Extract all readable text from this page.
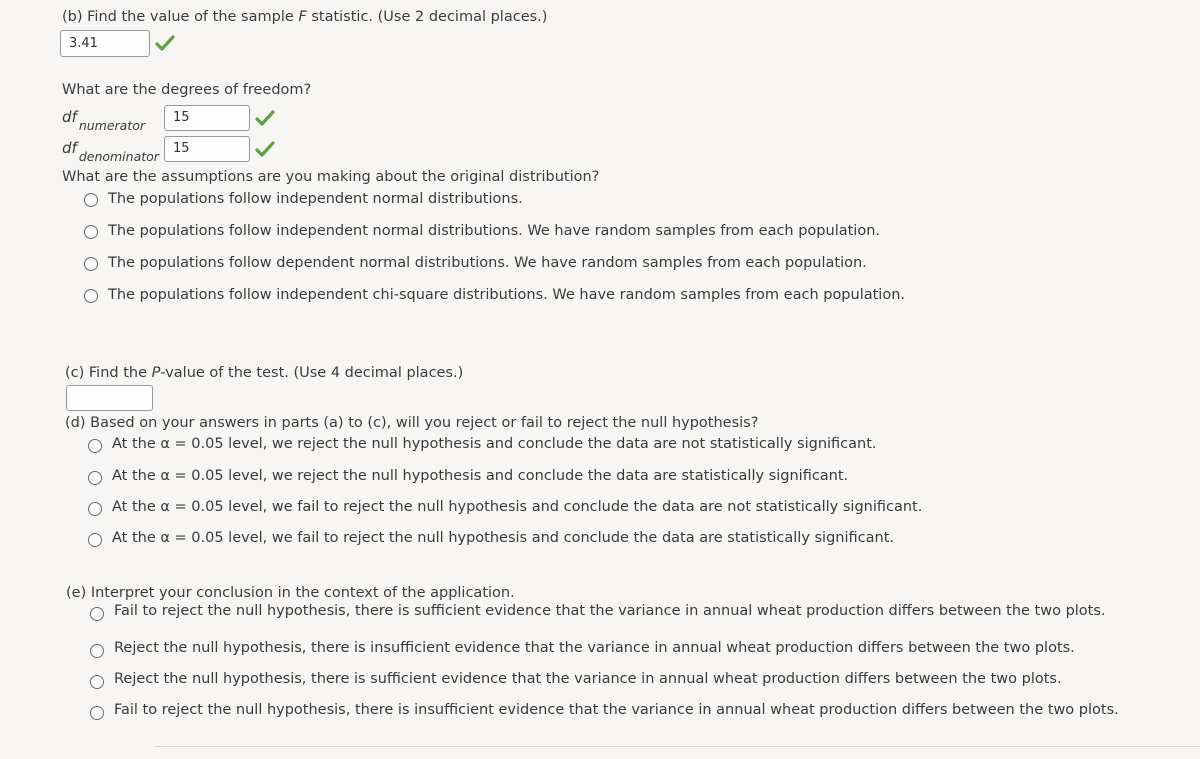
(b) Find the value of the sample F statistic. (Use 2 decimal places.)
3.41
What are the degrees of freedom?
df $_{numerator}$
15
df $_{denominator}$
15
What are the assumptions are you making about the original distribution?
The populations follow independent normal distributions.
The populations follow independent normal distributions. We have random samples from each population.
The populations follow dependent normal distributions. We have random samples from each population.
The populations follow independent chi-square distributions. We have random samples from each population.
(c) Find the P-value of the test. (Use 4 decimal places.)
(d) Based on your answers in parts (a) to (c), will you reject or fail to reject the null hypothesis?
At the α = 0.05 level, we reject the null hypothesis and conclude the data are not statistically significant.
At the α = 0.05 level, we reject the null hypothesis and conclude the data are statistically significant.
At the α = 0.05 level, we fail to reject the null hypothesis and conclude the data are not statistically significant.
At the α = 0.05 level, we fail to reject the null hypothesis and conclude the data are statistically significant.
(e) Interpret your conclusion in the context of the application.
Fail to reject the null hypothesis, there is sufficient evidence that the variance in annual wheat production differs between the two plots.
Reject the null hypothesis, there is insufficient evidence that the variance in annual wheat production differs between the two plots.
Reject the null hypothesis, there is sufficient evidence that the variance in annual wheat production differs between the two plots.
Fail to reject the null hypothesis, there is insufficient evidence that the variance in annual wheat production differs between the two plots.
